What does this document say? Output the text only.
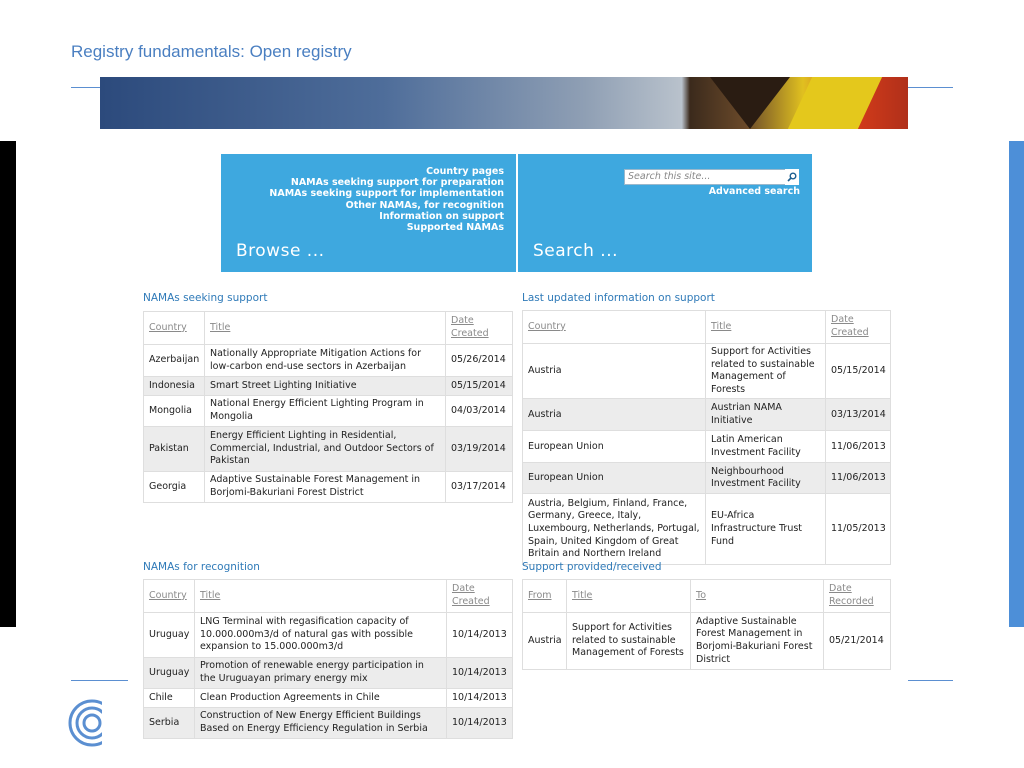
Registry fundamentals: Open registry
Country pages
NAMAs seeking support for preparation
NAMAs seeking support for implementation
Other NAMAs, for recognition
Information on support
Supported NAMAs
Browse ...
Search this site...
Advanced search
Search ...
NAMAs seeking support
Country	Title	Date Created
Azerbaijan	Nationally Appropriate Mitigation Actions for low-carbon end-use sectors in Azerbaijan	05/26/2014
Indonesia	Smart Street Lighting Initiative	05/15/2014
Mongolia	National Energy Efficient Lighting Program in Mongolia	04/03/2014
Pakistan	Energy Efficient Lighting in Residential, Commercial, Industrial, and Outdoor Sectors of Pakistan	03/19/2014
Georgia	Adaptive Sustainable Forest Management in Borjomi-Bakuriani Forest District	03/17/2014
Last updated information on support
Country	Title	Date Created
Austria	Support for Activities related to sustainable Management of Forests	05/15/2014
Austria	Austrian NAMA Initiative	03/13/2014
European Union	Latin American Investment Facility	11/06/2013
European Union	Neighbourhood Investment Facility	11/06/2013
Austria, Belgium, Finland, France, Germany, Greece, Italy, Luxembourg, Netherlands, Portugal, Spain, United Kingdom of Great Britain and Northern Ireland	EU-Africa Infrastructure Trust Fund	11/05/2013
NAMAs for recognition
Country	Title	Date Created
Uruguay	LNG Terminal with regasification capacity of 10.000.000m3/d of natural gas with possible expansion to 15.000.000m3/d	10/14/2013
Uruguay	Promotion of renewable energy participation in the Uruguayan primary energy mix	10/14/2013
Chile	Clean Production Agreements in Chile	10/14/2013
Serbia	Construction of New Energy Efficient Buildings Based on Energy Efficiency Regulation in Serbia	10/14/2013
Support provided/received
From	Title	To	Date Recorded
Austria	Support for Activities related to sustainable Management of Forests	Adaptive Sustainable Forest Management in Borjomi-Bakuriani Forest District	05/21/2014
